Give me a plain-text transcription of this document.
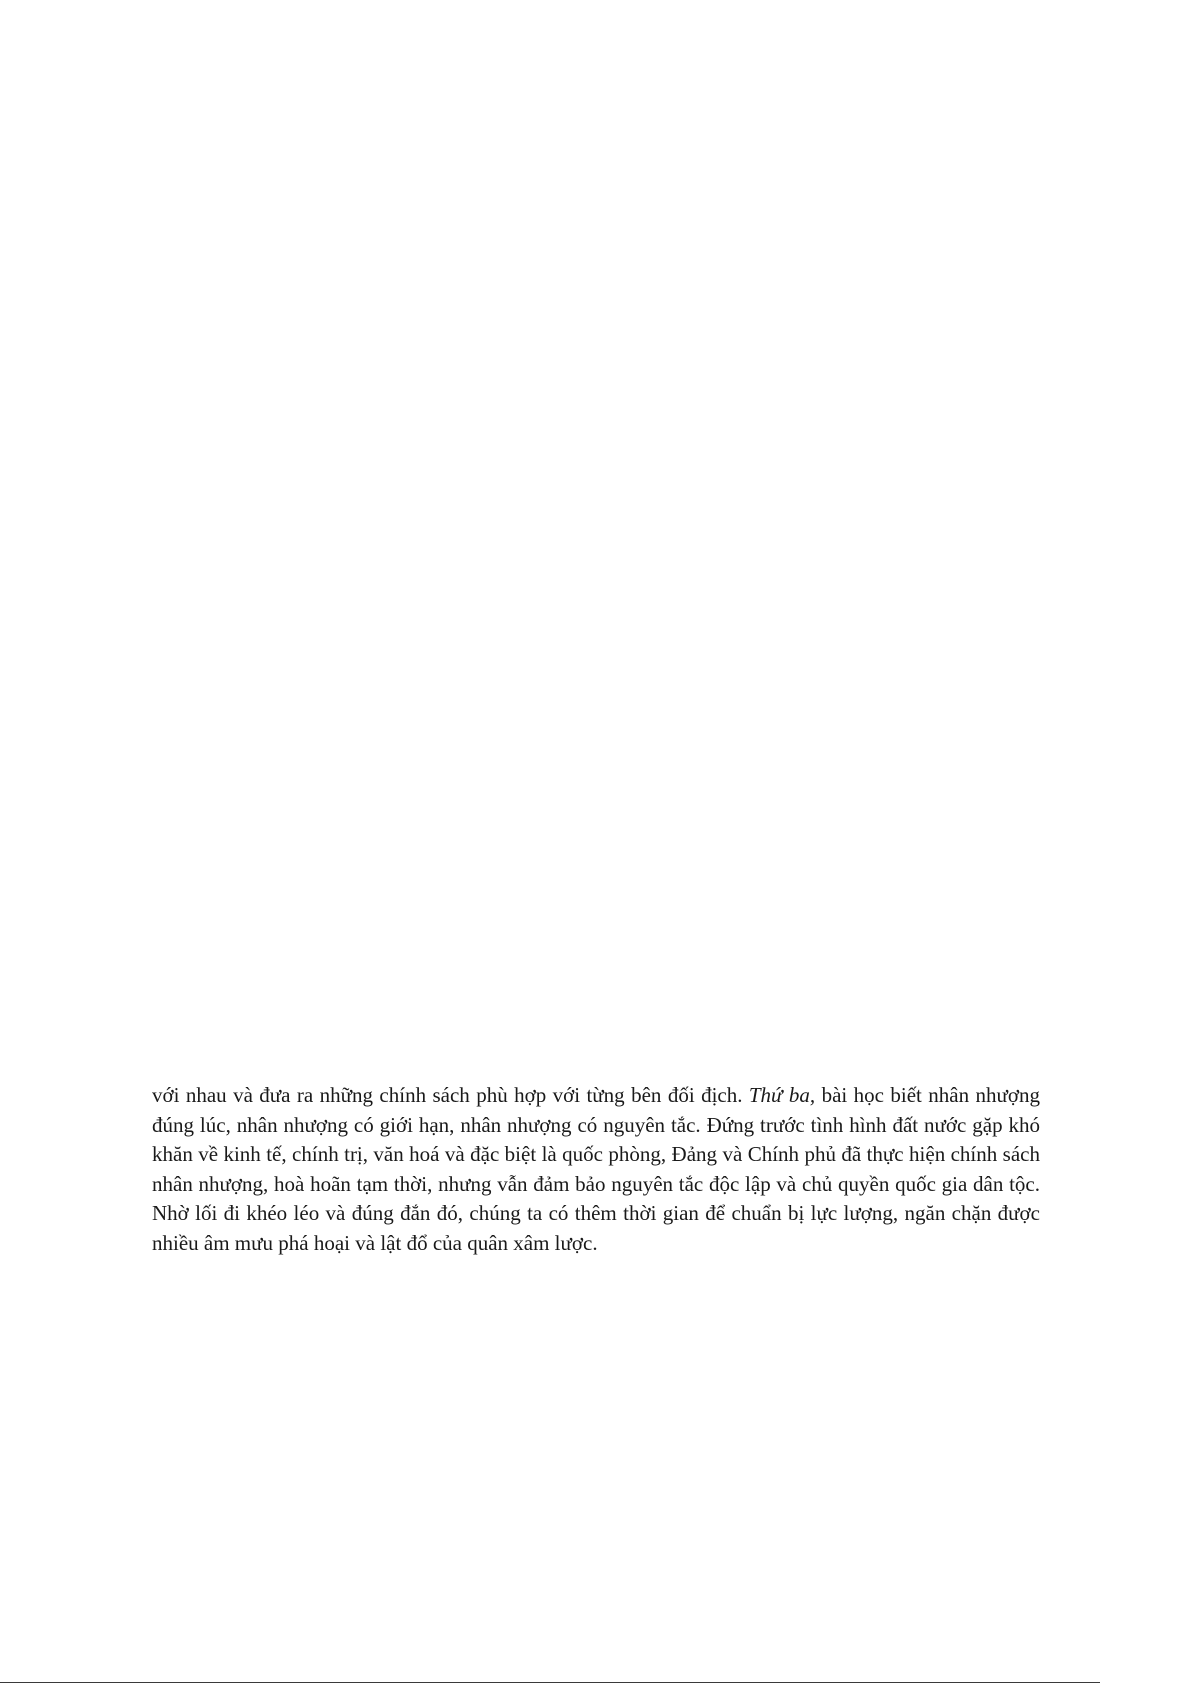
với nhau và đưa ra những chính sách phù hợp với từng bên đối địch. Thứ ba, bài học biết nhân nhượng đúng lúc, nhân nhượng có giới hạn, nhân nhượng có nguyên tắc. Đứng trước tình hình đất nước gặp khó khăn về kinh tế, chính trị, văn hoá và đặc biệt là quốc phòng, Đảng và Chính phủ đã thực hiện chính sách nhân nhượng, hoà hoãn tạm thời, nhưng vẫn đảm bảo nguyên tắc độc lập và chủ quyền quốc gia dân tộc. Nhờ lối đi khéo léo và đúng đắn đó, chúng ta có thêm thời gian để chuẩn bị lực lượng, ngăn chặn được nhiều âm mưu phá hoại và lật đổ của quân xâm lược.
